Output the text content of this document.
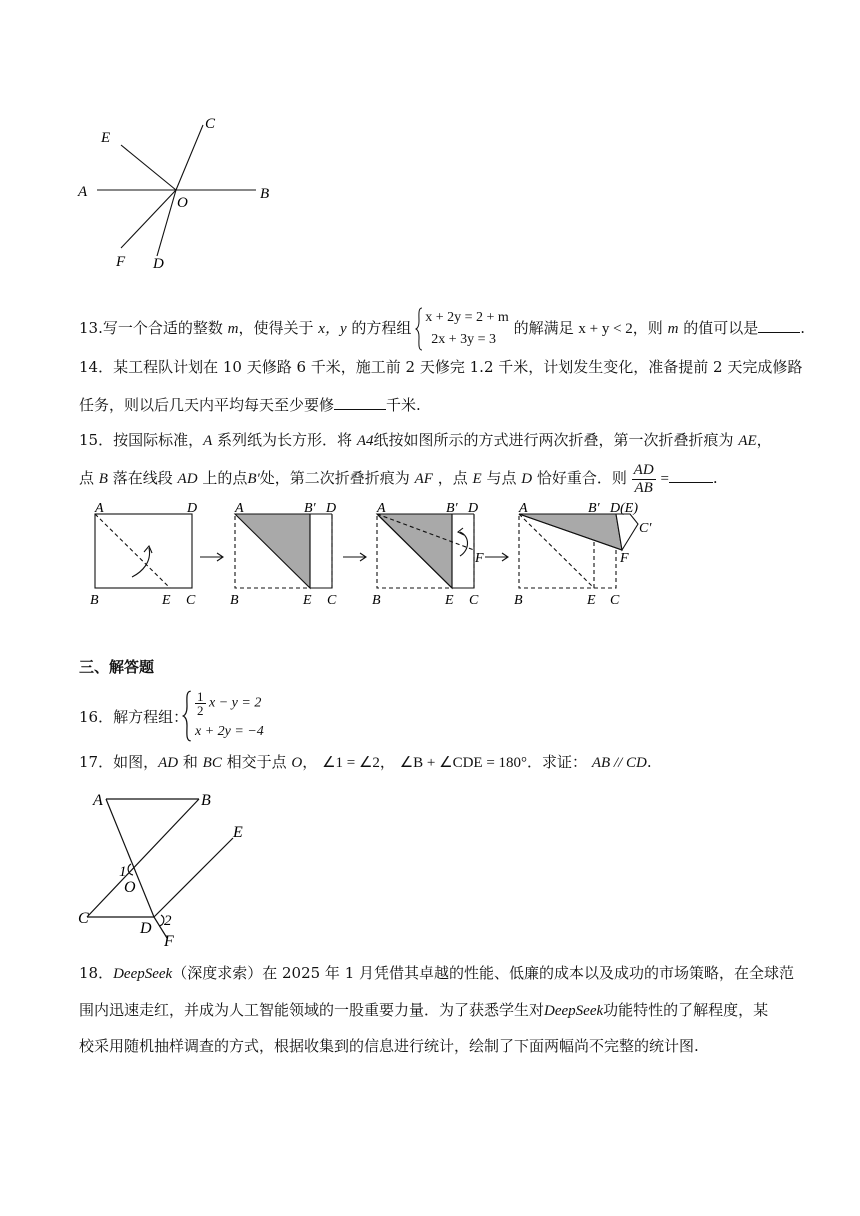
A	B
C
D
E
F
O
13.写一个合适的整数 m，使得关于 x，y 的方程组
x + 2y = 2 + m
2x + 3y = 3
的解满足 x + y < 2，则 m 的值可以是	.
14．某工程队计划在 10 天修路 6 千米，施工前 2 天修完 1.2 千米，计划发生变化，准备提前 2 天完成修路
任务，则以后几天内平均每天至少要修	千米.
15．按国际标准，A 系列纸为长方形．将 A4纸按如图所示的方式进行两次折叠，第一次折叠折痕为 AE，
点 B 落在线段 AD 上的点B′处，第二次折叠折痕为 AF ，点 E 与点 D 恰好重合．则 $\frac{AD}{AB}$ =	.
A	D
B	E C
A	B′ D
B	E C
A	B′ D
F
B	E C
A	B′ D(E)
C′
F
B	E C
三、解答题
16．解方程组： $\frac{1}{2}$ x − y = 2
x + 2y = −4
17．如图，AD 和 BC 相交于点 O， ∠1 = ∠2， ∠B + ∠CDE = 180°．求证： AB // CD.
A	B
C
D
E
F
O
1
2
18．DeepSeek（深度求索）在 2025 年 1 月凭借其卓越的性能、低廉的成本以及成功的市场策略，在全球范
围内迅速走红，并成为人工智能领域的一股重要力量．为了获悉学生对DeepSeek功能特性的了解程度，某
校采用随机抽样调查的方式，根据收集到的信息进行统计，绘制了下面两幅尚不完整的统计图.
